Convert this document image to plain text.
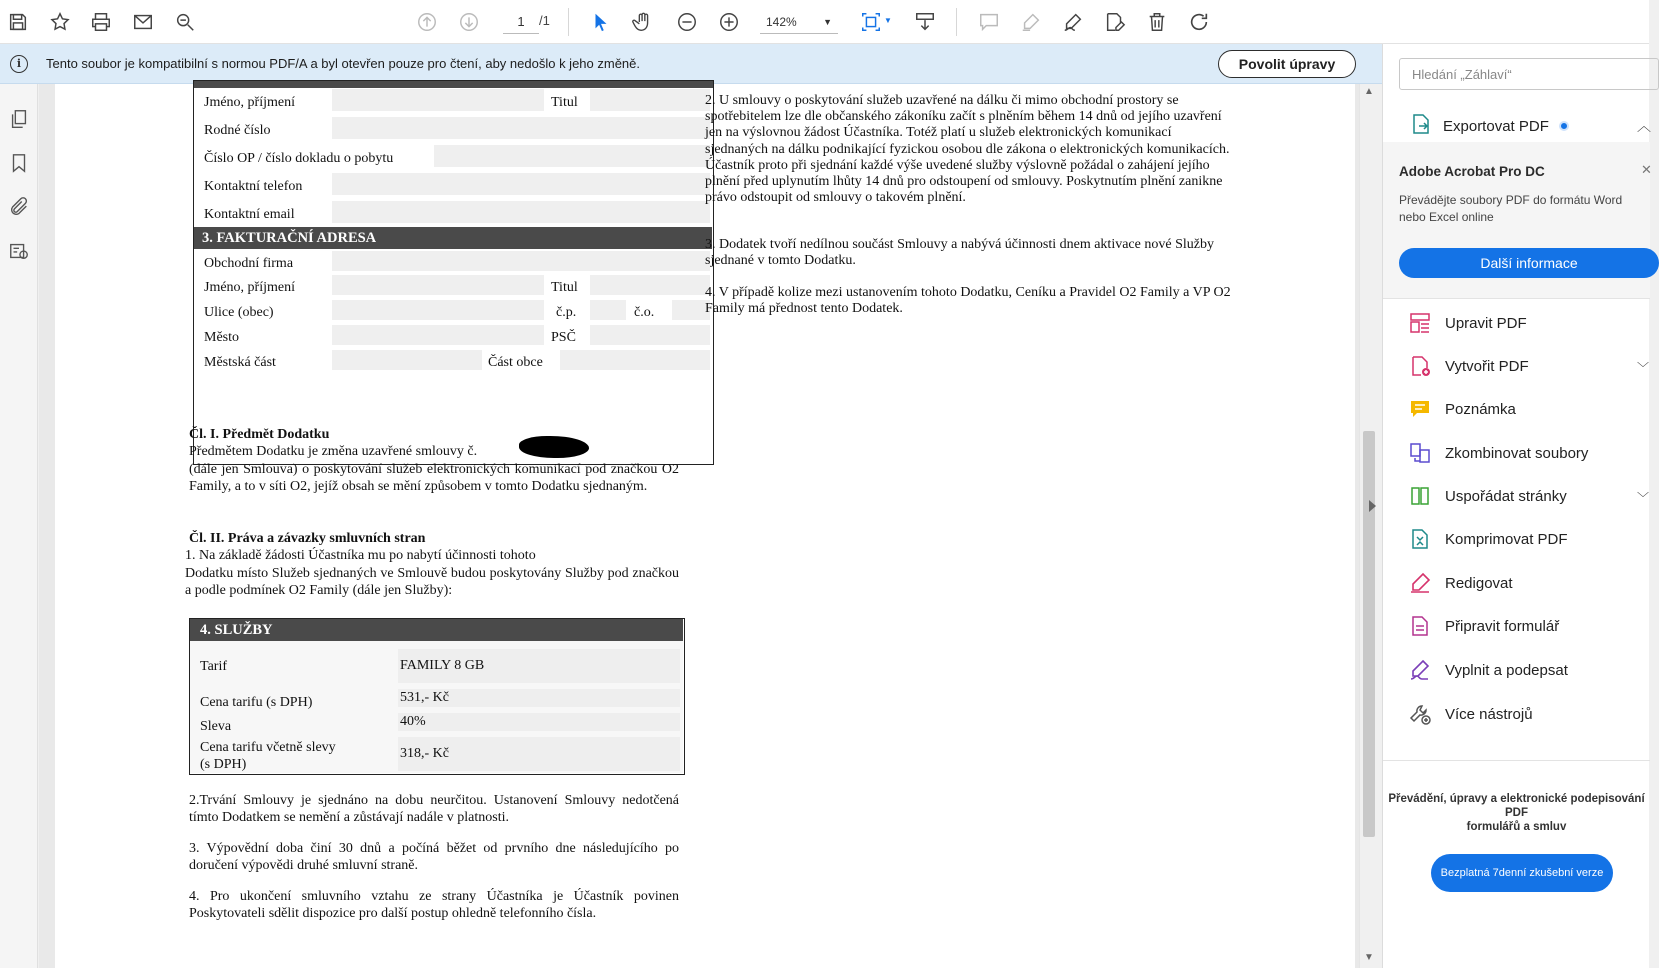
1
/1	142%	▼	▼
i	Tento soubor je kompatibilní s normou PDF/A a byl otevřen pouze pro čtení, aby nedošlo k jeho změně.	Povolit úpravy
Jméno, příjmení	Titul
Rodné číslo
Číslo OP / číslo dokladu o pobytu
Kontaktní telefon
Kontaktní email
3. FAKTURAČNÍ ADRESA
Obchodní firma
Jméno, příjmení	Titul
Ulice (obec)	č.p.	č.o.
Město	PSČ
Městská část	Část obce
Čl. I. Předmět Dodatku
Předmětem Dodatku je změna uzavřené smlouvy č.
(dále jen Smlouva) o poskytování služeb elektronických komunikací pod značkou O2 Family, a to v síti O2, jejíž obsah se mění způsobem v tomto Dodatku sjednaným.
Čl. II. Práva a závazky smluvních stran
1. Na základě žádosti Účastníka mu po nabytí účinnosti tohoto
Dodatku místo Služeb sjednaných ve Smlouvě budou poskytovány Služby pod značkou a podle podmínek O2 Family (dále jen Služby):
4. SLUŽBY
Tarif	FAMILY 8 GB
Cena tarifu (s DPH)	531,- Kč
Sleva	40%
Cena tarifu včetně slevy
(s DPH)
318,- Kč
2.Trvání Smlouvy je sjednáno na dobu neurčitou. Ustanovení Smlouvy nedotčená tímto Dodatkem se nemění a zůstávají nadále v platnosti.
3. Výpovědní doba činí 30 dnů a počíná běžet od prvního dne následujícího po doručení výpovědi druhé smluvní straně.
4. Pro ukončení smluvního vztahu ze strany Účastníka je Účastník povinen Poskytovateli sdělit dispozice pro další postup ohledně telefonního čísla.
2. U smlouvy o poskytování služeb uzavřené na dálku či mimo obchodní prostory se spotřebitelem lze dle občanského zákoníku začít s plněním během 14 dnů od jejího uzavření jen na výslovnou žádost Účastníka. Totéž platí u služeb elektronických komunikací sjednaných na dálku podnikající fyzickou osobou dle zákona o elektronických komunikacích. Účastník proto při sjednání každé výše uvedené služby výslovně požádal o zahájení jejího plnění před uplynutím lhůty 14 dnů pro odstoupení od smlouvy. Poskytnutím plnění zanikne právo odstoupit od smlouvy o takovém plnění.
3. Dodatek tvoří nedílnou součást Smlouvy a nabývá účinnosti dnem aktivace nové Služby sjednané v tomto Dodatku.
4. V případě kolize mezi ustanovením tohoto Dodatku, Ceníku a Pravidel O2 Family a VP O2 Family má přednost tento Dodatek.
▲
▼
Hledání „Záhlaví“
Exportovat PDF	︿
Adobe Acrobat Pro DC	✕
Převádějte soubory PDF do formátu Word nebo Excel online
Další informace
Upravit PDF
Vytvořit PDF	﹀
Poznámka
Zkombinovat soubory
Uspořádat stránky	﹀
Komprimovat PDF
Redigovat
Připravit formulář
Vyplnit a podepsat
Více nástrojů
Převádění, úpravy a elektronické podepisování PDF
formulářů a smluv
Bezplatná 7denní zkušební verze
